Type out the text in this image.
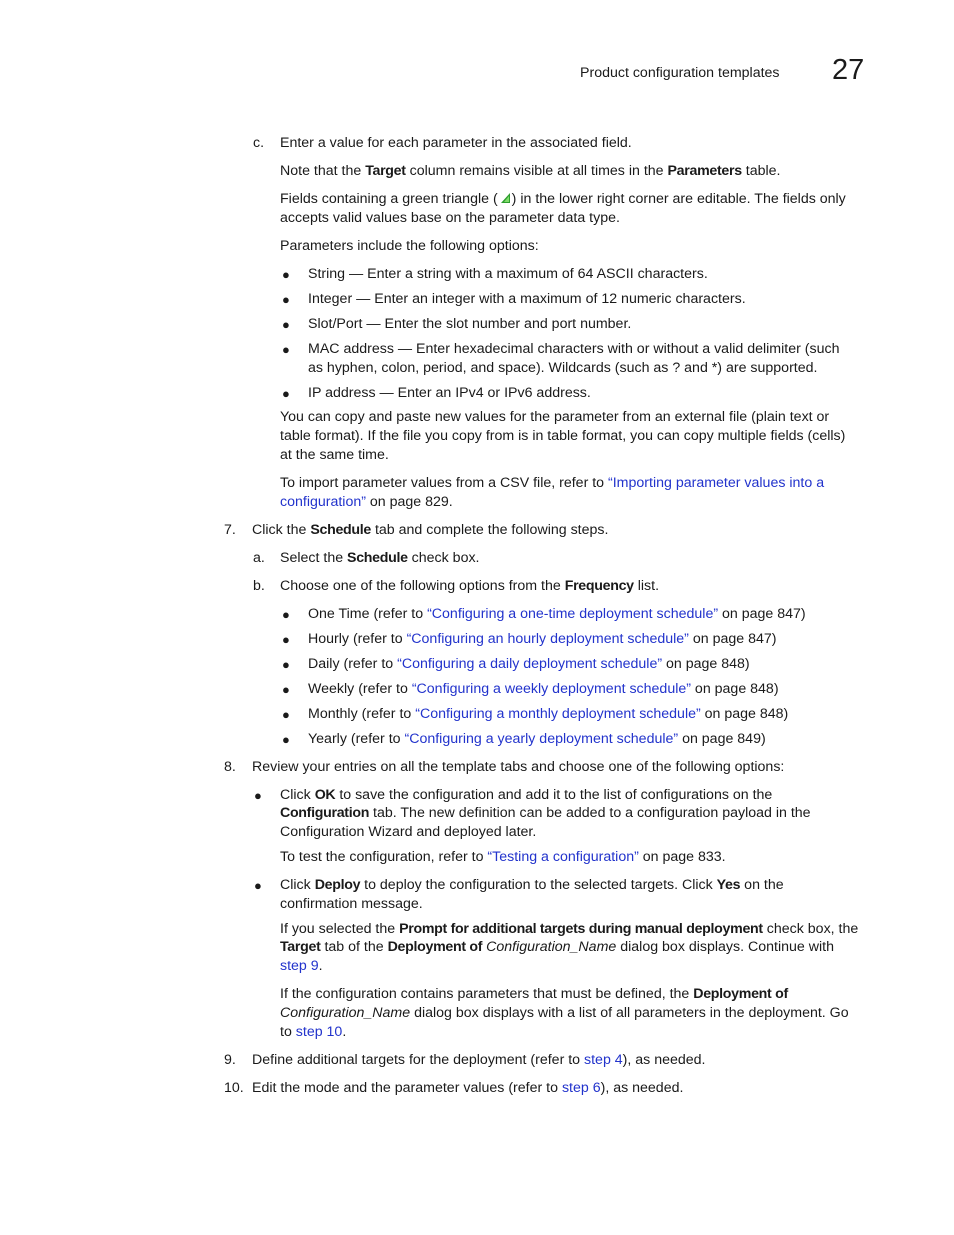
Product configuration templates 27

c. Enter a value for each parameter in the associated field.

Note that the Target column remains visible at all times in the Parameters table.

Fields containing a green triangle ( ) in the lower right corner are editable. The fields only

accepts valid values base on the parameter data type.

Parameters include the following options:

● String — Enter a string with a maximum of 64 ASCII characters.

● Integer — Enter an integer with a maximum of 12 numeric characters.

● Slot/Port — Enter the slot number and port number.

● MAC address — Enter hexadecimal characters with or without a valid delimiter (such

as hyphen, colon, period, and space). Wildcards (such as ? and *) are supported.

● IP address — Enter an IPv4 or IPv6 address.

You can copy and paste new values for the parameter from an external file (plain text or

table format). If the file you copy from is in table format, you can copy multiple fields (cells)

at the same time.

To import parameter values from a CSV file, refer to “Importing parameter values into a

configuration” on page 829.

7. Click the Schedule tab and complete the following steps.

a. Select the Schedule check box.

b. Choose one of the following options from the Frequency list.

● One Time (refer to “Configuring a one-time deployment schedule” on page 847)

● Hourly (refer to “Configuring an hourly deployment schedule” on page 847)

● Daily (refer to “Configuring a daily deployment schedule” on page 848)

● Weekly (refer to “Configuring a weekly deployment schedule” on page 848)

● Monthly (refer to “Configuring a monthly deployment schedule” on page 848)

● Yearly (refer to “Configuring a yearly deployment schedule” on page 849)

8. Review your entries on all the template tabs and choose one of the following options:

● Click OK to save the configuration and add it to the list of configurations on the

Configuration tab. The new definition can be added to a configuration payload in the

Configuration Wizard and deployed later.

To test the configuration, refer to “Testing a configuration” on page 833.

● Click Deploy to deploy the configuration to the selected targets. Click Yes on the

confirmation message.

If you selected the Prompt for additional targets during manual deployment check box, the

Target tab of the Deployment of Configuration_Name dialog box displays. Continue with

step 9.

If the configuration contains parameters that must be defined, the Deployment of

Configuration_Name dialog box displays with a list of all parameters in the deployment. Go

to step 10.

9. Define additional targets for the deployment (refer to step 4), as needed.

10. Edit the mode and the parameter values (refer to step 6), as needed.
